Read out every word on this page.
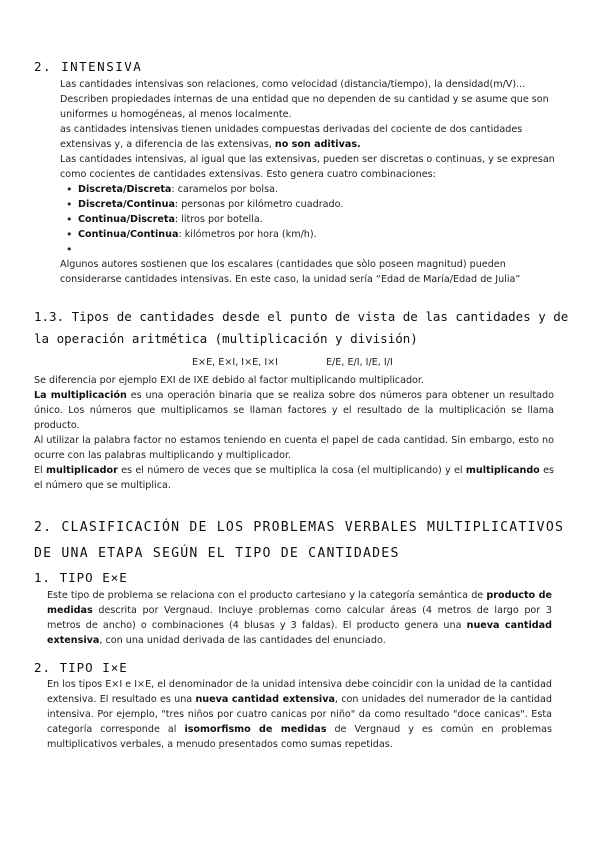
2. INTENSIVA

Las cantidades intensivas son relaciones, como velocidad (distancia/tiempo), la densidad(m/V)...

Describen propiedades internas de una entidad que no dependen de su cantidad y se asume que son uniformes u homogéneas, al menos localmente.

as cantidades intensivas tienen unidades compuestas derivadas del cociente de dos cantidades extensivas y, a diferencia de las extensivas, no son aditivas.

Las cantidades intensivas, al igual que las extensivas, pueden ser discretas o continuas, y se expresan como cocientes de cantidades extensivas. Esto genera cuatro combinaciones:

• Discreta/Discreta: caramelos por bolsa.
• Discreta/Continua: personas por kilómetro cuadrado.
• Continua/Discreta: litros por botella.
• Continua/Continua: kilómetros por hora (km/h).
•

Algunos autores sostienen que los escalares (cantidades que sòlo poseen magnitud) pueden considerarse cantidades intensivas. En este caso, la unidad sería “Edad de María/Edad de Julia”

1.3. Tipos de cantidades desde el punto de vista de las cantidades y de la operación aritmética (multiplicación y división)
E×E, E×I, I×E, I×I	E/E, E/I, I/E, I/I

Se diferencia por ejemplo EXI de IXE debido al factor multiplicando multiplicador.

La multiplicación es una operación binaria que se realiza sobre dos números para obtener un resultado único. Los números que multiplicamos se llaman factores y el resultado de la multiplicación se llama producto.

Al utilizar la palabra factor no estamos teniendo en cuenta el papel de cada cantidad. Sin embargo, esto no ocurre con las palabras multiplicando y multiplicador.

El multiplicador es el número de veces que se multiplica la cosa (el multiplicando) y el multiplicando es el número que se multiplica.

2. CLASIFICACIÓN DE LOS PROBLEMAS VERBALES MULTIPLICATIVOS
DE UNA ETAPA SEGÚN EL TIPO DE CANTIDADES
1. TIPO E×E

Este tipo de problema se relaciona con el producto cartesiano y la categoría semántica de producto de medidas descrita por Vergnaud. Incluye problemas como calcular áreas (4 metros de largo por 3 metros de ancho) o combinaciones (4 blusas y 3 faldas). El producto genera una nueva cantidad extensiva, con una unidad derivada de las cantidades del enunciado.

2. TIPO I×E

En los tipos E×I e I×E, el denominador de la unidad intensiva debe coincidir con la unidad de la cantidad extensiva. El resultado es una nueva cantidad extensiva, con unidades del numerador de la cantidad intensiva. Por ejemplo, "tres niños por cuatro canicas por niño" da como resultado "doce canicas". Esta categoría corresponde al isomorfismo de medidas de Vergnaud y es común en problemas multiplicativos verbales, a menudo presentados como sumas repetidas.
